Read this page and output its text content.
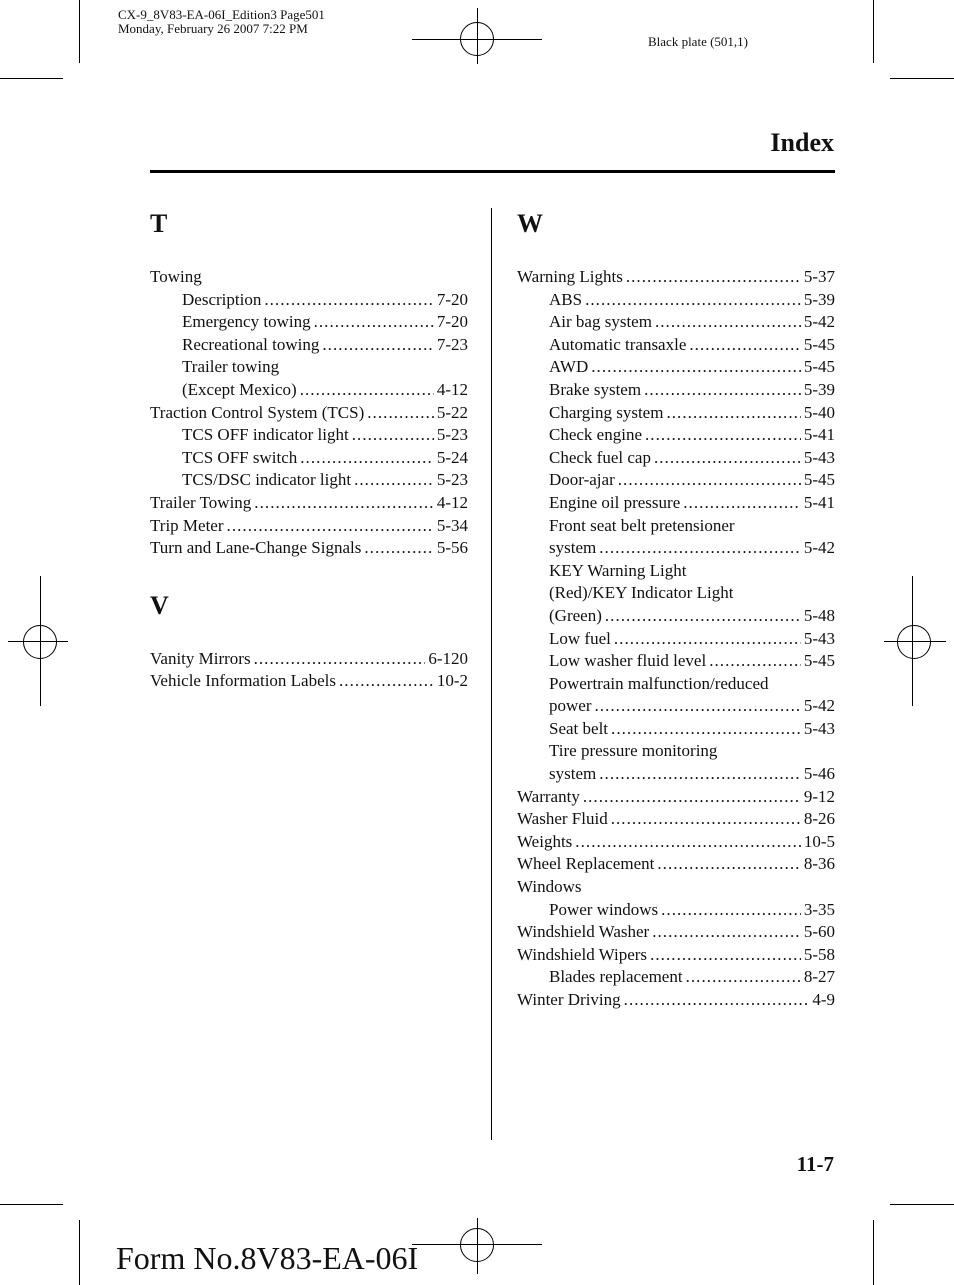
CX-9_8V83-EA-06I_Edition3 Page501
Monday, February 26 2007 7:22 PM
Black plate (501,1)
Index
T
Towing
Description . . .	7-20
Emergency towing . . .	7-20
Recreational towing . . .	7-23
Trailer towing
(Except Mexico) . . .	4-12
Traction Control System (TCS) . . .	5-22
TCS OFF indicator light . . .	5-23
TCS OFF switch . . .	5-24
TCS/DSC indicator light . . .	5-23
Trailer Towing . . .	4-12
Trip Meter . . .	5-34
Turn and Lane-Change Signals . . .	5-56
V
Vanity Mirrors . . .	6-120
Vehicle Information Labels . . .	10-2
W
Warning Lights . . .	5-37
ABS . . .	5-39
Air bag system . . .	5-42
Automatic transaxle . . .	5-45
AWD . . .	5-45
Brake system . . .	5-39
Charging system . . .	5-40
Check engine . . .	5-41
Check fuel cap . . .	5-43
Door-ajar . . .	5-45
Engine oil pressure . . .	5-41
Front seat belt pretensioner
system . . .	5-42
KEY Warning Light
(Red)/KEY Indicator Light
(Green) . . .	5-48
Low fuel . . .	5-43
Low washer fluid level . . .	5-45
Powertrain malfunction/reduced
power . . .	5-42
Seat belt . . .	5-43
Tire pressure monitoring
system . . .	5-46
Warranty . . .	9-12
Washer Fluid . . .	8-26
Weights . . .	10-5
Wheel Replacement . . .	8-36
Windows
Power windows . . .	3-35
Windshield Washer . . .	5-60
Windshield Wipers . . .	5-58
Blades replacement . . .	8-27
Winter Driving . . .	4-9
11-7
Form No.8V83-EA-06I
